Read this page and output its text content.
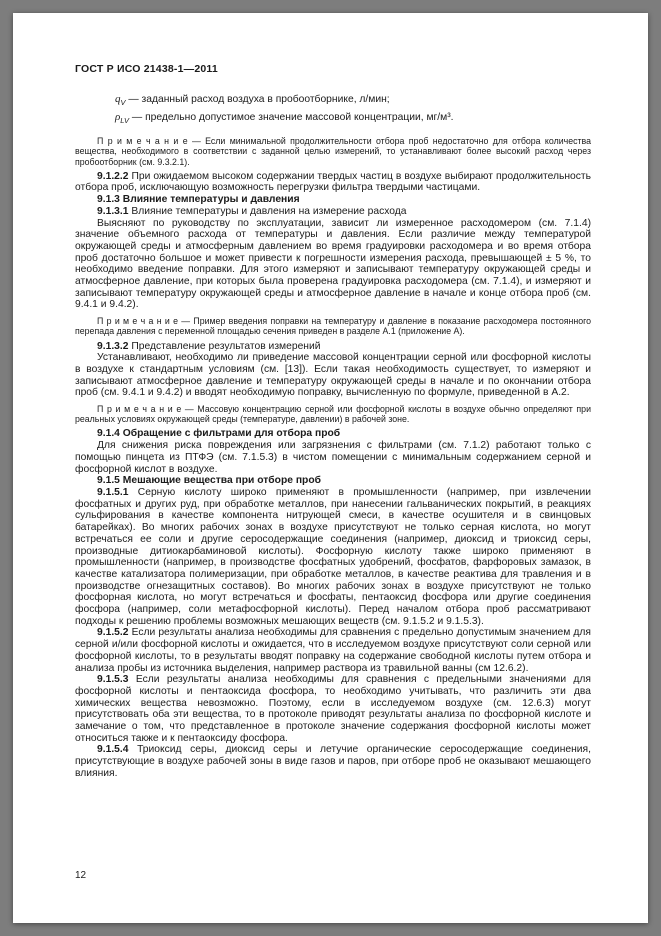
ГОСТ Р ИСО 21438-1—2011

$q_V$ — заданный расход воздуха в пробоотборнике, л/мин;

$\rho_{LV}$ — предельно допустимое значение массовой концентрации, мг/м³.

П р и м е ч а н и е — Если минимальной продолжительности отбора проб недостаточно для отбора количества вещества, необходимого в соответствии с заданной целью измерений, то устанавливают более высокий расход через пробоотборник (см. 9.3.2.1).

9.1.2.2 При ожидаемом высоком содержании твердых частиц в воздухе выбирают продолжительность отбора проб, исключающую возможность перегрузки фильтра твердыми частицами.

9.1.3 Влияние температуры и давления

9.1.3.1 Влияние температуры и давления на измерение расхода

Выясняют по руководству по эксплуатации, зависит ли измеренное расходомером (см. 7.1.4) значение объемного расхода от температуры и давления. Если различие между температурой окружающей среды и атмосферным давлением во время градуировки расходомера и во время отбора проб достаточно большое и может привести к погрешности измерения расхода, превышающей ± 5 %, то необходимо введение поправки. Для этого измеряют и записывают температуру окружающей среды и атмосферное давление, при которых была проверена градуировка расходомера (см. 7.1.4), и измеряют и записывают температуру окружающей среды и атмосферное давление в начале и конце отбора проб (см. 9.4.1 и 9.4.2).

П р и м е ч а н и е — Пример введения поправки на температуру и давление в показание расходомера постоянного перепада давления с переменной площадью сечения приведен в разделе А.1 (приложение А).

9.1.3.2 Представление результатов измерений

Устанавливают, необходимо ли приведение массовой концентрации серной или фосфорной кислоты в воздухе к стандартным условиям (см. [13]). Если такая необходимость существует, то измеряют и записывают атмосферное давление и температуру окружающей среды в начале и по окончании отбора проб (см. 9.4.1 и 9.4.2) и вводят необходимую поправку, вычисленную по формуле, приведенной в А.2.

П р и м е ч а н и е — Массовую концентрацию серной или фосфорной кислоты в воздухе обычно определяют при реальных условиях окружающей среды (температуре, давлении) в рабочей зоне.

9.1.4 Обращение с фильтрами для отбора проб

Для снижения риска повреждения или загрязнения с фильтрами (см. 7.1.2) работают только с помощью пинцета из ПТФЭ (см. 7.1.5.3) в чистом помещении с минимальным содержанием серной и фосфорной кислот в воздухе.

9.1.5 Мешающие вещества при отборе проб

9.1.5.1 Серную кислоту широко применяют в промышленности (например, при извлечении фосфатных и других руд, при обработке металлов, при нанесении гальванических покрытий, в реакциях сульфирования в качестве компонента нитрующей смеси, в качестве осушителя и в свинцовых батарейках). Во многих рабочих зонах в воздухе присутствуют не только серная кислота, но могут встречаться ее соли и другие серосодержащие соединения (например, диоксид и триоксид серы, производные дитиокарбаминовой кислоты). Фосфорную кислоту также широко применяют в промышленности (например, в производстве фосфатных удобрений, фосфатов, фарфоровых замазок, в качестве катализатора полимеризации, при обработке металлов, в качестве реактива для травления и в производстве огнезащитных составов). Во многих рабочих зонах в воздухе присутствуют не только фосфорная кислота, но могут встречаться и фосфаты, пентаоксид фосфора или другие соединения фосфора (например, соли метафосфорной кислоты). Перед началом отбора проб рассматривают подходы к решению проблемы возможных мешающих веществ (см. 9.1.5.2 и 9.1.5.3).

9.1.5.2 Если результаты анализа необходимы для сравнения с предельно допустимым значением для серной и/или фосфорной кислоты и ожидается, что в исследуемом воздухе присутствуют соли серной или фосфорной кислоты, то в результаты вводят поправку на содержание свободной кислоты путем отбора и анализа пробы из источника выделения, например раствора из травильной ванны (см 12.6.2).

9.1.5.3 Если результаты анализа необходимы для сравнения с предельными значениями для фосфорной кислоты и пентаоксида фосфора, то необходимо учитывать, что различить эти два химических вещества невозможно. Поэтому, если в исследуемом воздухе (см. 12.6.3) могут присутствовать оба эти вещества, то в протоколе приводят результаты анализа по фосфорной кислоте и замечание о том, что представленное в протоколе значение содержания фосфорной кислоты может относиться также и к пентаоксиду фосфора.

9.1.5.4 Триоксид серы, диоксид серы и летучие органические серосодержащие соединения, присутствующие в воздухе рабочей зоны в виде газов и паров, при отборе проб не оказывают мешающего влияния.

12
